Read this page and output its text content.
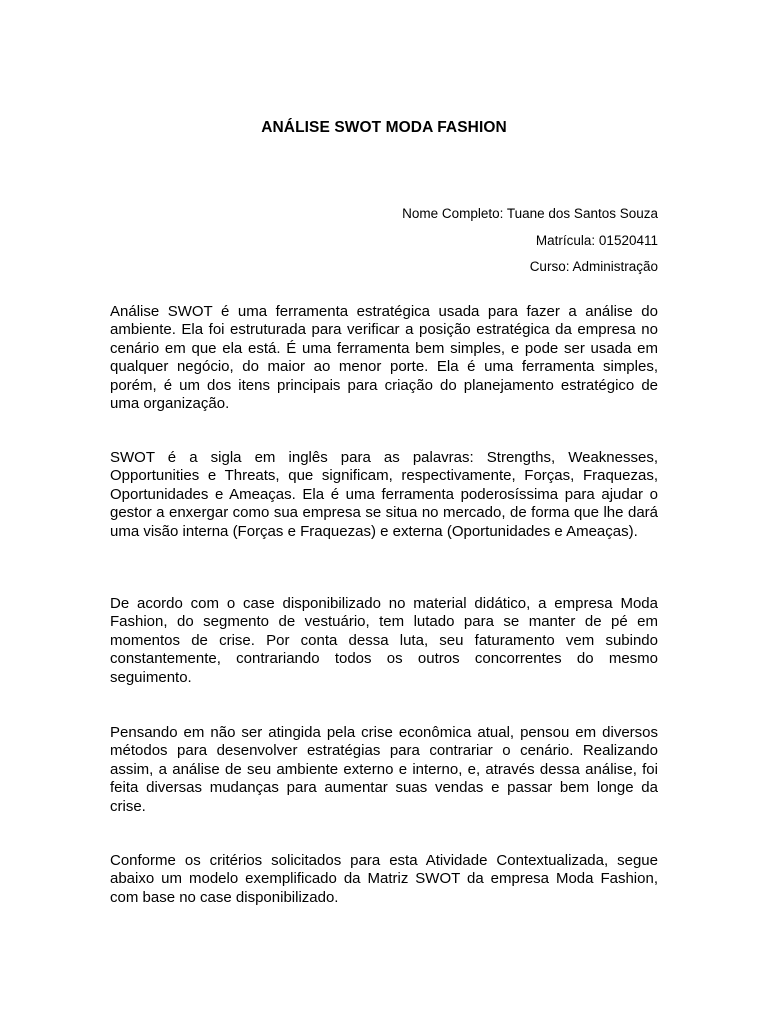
ANÁLISE SWOT MODA FASHION
Nome Completo: Tuane dos Santos Souza
Matrícula: 01520411
Curso: Administração

Análise SWOT é uma ferramenta estratégica usada para fazer a análise do ambiente. Ela foi estruturada para verificar a posição estratégica da empresa no cenário em que ela está. É uma ferramenta bem simples, e pode ser usada em qualquer negócio, do maior ao menor porte. Ela é uma ferramenta simples, porém, é um dos itens principais para criação do planejamento estratégico de uma organização.

SWOT é a sigla em inglês para as palavras: Strengths, Weaknesses, Opportunities e Threats, que significam, respectivamente, Forças, Fraquezas, Oportunidades e Ameaças. Ela é uma ferramenta poderosíssima para ajudar o gestor a enxergar como sua empresa se situa no mercado, de forma que lhe dará uma visão interna (Forças e Fraquezas) e externa (Oportunidades e Ameaças).

De acordo com o case disponibilizado no material didático, a empresa Moda Fashion, do segmento de vestuário, tem lutado para se manter de pé em momentos de crise. Por conta dessa luta, seu faturamento vem subindo constantemente, contrariando todos os outros concorrentes do mesmo seguimento.

Pensando em não ser atingida pela crise econômica atual, pensou em diversos métodos para desenvolver estratégias para contrariar o cenário. Realizando assim, a análise de seu ambiente externo e interno, e, através dessa análise, foi feita diversas mudanças para aumentar suas vendas e passar bem longe da crise.

Conforme os critérios solicitados para esta Atividade Contextualizada, segue abaixo um modelo exemplificado da Matriz SWOT da empresa Moda Fashion, com base no case disponibilizado.
